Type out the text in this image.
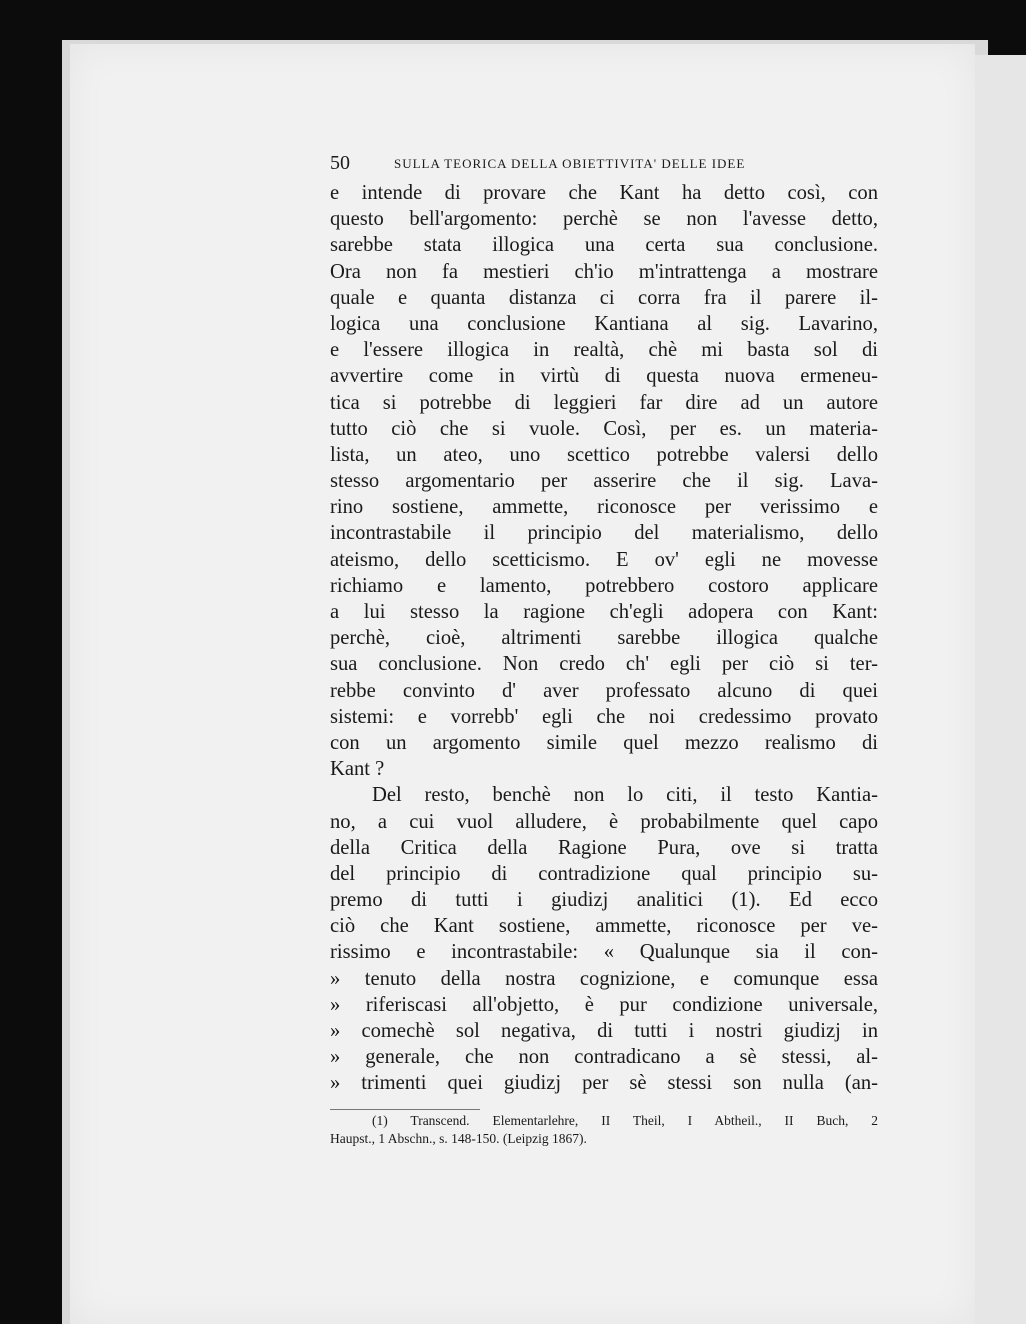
50	SULLA TEORICA DELLA OBIETTIVITA' DELLE IDEE
e intende di provare che Kant ha detto così, con
questo bell'argomento: perchè se non l'avesse detto,
sarebbe stata illogica una certa sua conclusione.
Ora non fa mestieri ch'io m'intrattenga a mostrare
quale e quanta distanza ci corra fra il parere il-
logica una conclusione Kantiana al sig. Lavarino,
e l'essere illogica in realtà, chè mi basta sol di
avvertire come in virtù di questa nuova ermeneu-
tica si potrebbe di leggieri far dire ad un autore
tutto ciò che si vuole. Così, per es. un materia-
lista, un ateo, uno scettico potrebbe valersi dello
stesso argomentario per asserire che il sig. Lava-
rino sostiene, ammette, riconosce per verissimo e
incontrastabile il principio del materialismo, dello
ateismo, dello scetticismo. E ov' egli ne movesse
richiamo e lamento, potrebbero costoro applicare
a lui stesso la ragione ch'egli adopera con Kant:
perchè, cioè, altrimenti sarebbe illogica qualche
sua conclusione. Non credo ch' egli per ciò si ter-
rebbe convinto d' aver professato alcuno di quei
sistemi: e vorrebb' egli che noi credessimo provato
con un argomento simile quel mezzo realismo di
Kant ?
Del resto, benchè non lo citi, il testo Kantia-
no, a cui vuol alludere, è probabilmente quel capo
della Critica della Ragione Pura, ove si tratta
del principio di contradizione qual principio su-
premo di tutti i giudizj analitici (1). Ed ecco
ciò che Kant sostiene, ammette, riconosce per ve-
rissimo e incontrastabile: « Qualunque sia il con-
» tenuto della nostra cognizione, e comunque essa
» riferiscasi all'objetto, è pur condizione universale,
» comechè sol negativa, di tutti i nostri giudizj in
» generale, che non contradicano a sè stessi, al-
» trimenti quei giudizj per sè stessi son nulla (an-
(1) Transcend. Elementarlehre, II Theil, I Abtheil., II Buch, 2
Haupst., 1 Abschn., s. 148-150. (Leipzig 1867).
